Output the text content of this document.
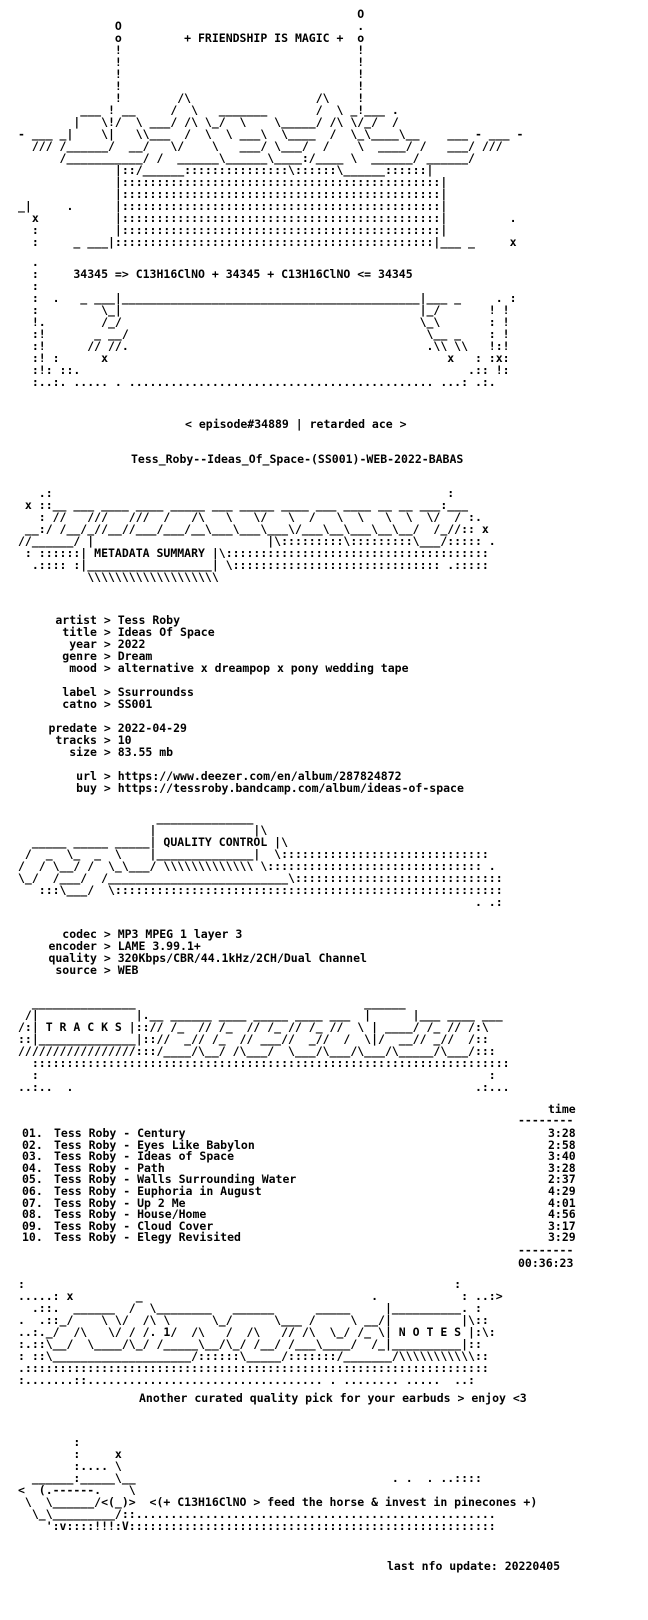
O
O                                  .
o         + FRIENDSHIP IS MAGIC +  o
!                                  !
!                                  !
!                                  !
!                                  !
!        /\                  /\    !
___ ! __     /  \   _______       /  \ _!___ .
|   \!/  \ ___/ /\ \_/  \    \_____/ /\ \/_/  /
- ___ _|    \|   \\___  /  \  \ ___\  \____  /  \_\____\__    ___ - ___ -
/// /______/  __/   \/    \   ___/ \___/  /    \  ____/ /   ___/ ///
/___________/ /  ______\______\____:/____ \  ______/ ______/
|::/______:::::::::::::::\::::::\______::::::|
|::::::::::::::::::::::::::::::::::::::::::::::|
|::::::::::::::::::::::::::::::::::::::::::::::|
_|     .      |::::::::::::::::::::::::::::::::::::::::::::::|
x           |::::::::::::::::::::::::::::::::::::::::::::::|         .
:           |::::::::::::::::::::::::::::::::::::::::::::::|
:     _ ___|::::::::::::::::::::::::::::::::::::::::::::::|___ _     x
.
:     34345 => C13H16ClNO + 34345 + C13H16ClNO <= 34345
:
:  .   _ ___|___________________________________________|___ _     . :
:         \_|                                           |_/       ! !
!.        /_/                                           \_\       : !
:!       _ __/                                           \__ _    : !
:!      // //.                                           .\\ \\   !:!
:! :      x                                                 x   : :x:
:!: ::.                                                        .:: !:
:..:. ..... . ............................................ ...: .:.
< episode#34889 | retarded ace >
Tess_Roby--Ideas_Of_Space-(SS001)-WEB-2022-BABAS
.:                                                         :
x ::__ ___ ____ ____ _____ ___ _____ ____ ___ ____ __ __ ___:___
: //   ///   ///  /   /\   \   \/   \  /   \  \   \  \  \/  / :.
__:/ /__/_//__//___/___/__\___\___\___\/___\__\___\__\__/  /_//:: x
//______/ |                         |\:::::::::\:::::::::\___/::::: .
: ::::::| METADATA SUMMARY |\::::::::::::::::::::::::::::::::::::::
.:::: :|__________________| \:::::::::::::::::::::::::::::: .:::::
\\\\\\\\\\\\\\\\\\\
artist > Tess Roby
title > Ideas Of Space
year > 2022
genre > Dream
mood > alternative x dreampop x pony wedding tape
label > Ssurroundss
catno > SS001
predate > 2022-04-29
tracks > 10
size > 83.55 mb
url > https://www.deezer.com/en/album/287824872
buy > https://tessroby.bandcamp.com/album/ideas-of-space
______________
|              |\
_____ _____ _____| QUALITY CONTROL |\
/  _  \_  _  \    |______________|  \::::::::::::::::::::::::::::::
/  / \__/ /  \_\___/ \\\\\\\\\\\\\ \::::::::::::::::::::::::::::::: .
\_/  /___/  /__________________________\::::::::::::::::::::::::::::::
:::\___/  \::::::::::::::::::::::::::::::::::::::::::::::::::::::::
. .:
codec > MP3 MPEG 1 layer 3
encoder > LAME 3.99.1+
quality > 320Kbps/CBR/44.1kHz/2CH/Dual Channel
source > WEB
_______________                                 ______
/|              |.__ ______ ____ _____ ____ ___  |      |___ ____ ___
/:| T R A C K S |::// /_  // /_  // /_ // /_ //  \ | ____/ /_ // /:\
::|______________|:://  _// /_  // ___//  _//  /  \|/  __// _//  /::
/////////////////:::/____/\__/ /\___/  \___/\___/\___/\_____/\___/:::
:::::::::::::::::::::::::::::::::::::::::::::::::::::::::::::::::::::
:                                                                 :
..:..  .                                                          .:...
time
--------
01. Tess Roby - Century	3:28
02. Tess Roby - Eyes Like Babylon	2:58
03. Tess Roby - Ideas of Space	3:40
04. Tess Roby - Path	3:28
05. Tess Roby - Walls Surrounding Water	2:37
06. Tess Roby - Euphoria in August	4:29
07. Tess Roby - Up 2 Me	4:01
08. Tess Roby - House/Home	4:56
09. Tess Roby - Cloud Cover	3:17
10. Tess Roby - Elegy Revisited	3:29
--------
00:36:23
:                                                              :
.....: x         _                                 .            : ..:>
.::.  ______  /  \________   ______      _____     |__________. :
.  .::_/    \ \/  /\ \      \_/      \___ /     \ __/|          |\::
..:._/  /\   \/ / /. 1/  /\   /  /\   // /\  \_/ /_ \| N O T E S |:\:
:.::\__/  \____/\_/ /_____\__/\_/ /__/ /___\____/  /_|__________|::
: ::\____________________/::::::\_____/:::::::/_______/\\\\\\\\\\\::
.:::::::::::::::::::::::::::::::::::::::::::::::::::::::::::::::::::
:.......::.................................. . ........ .....  ..:
Another curated quality pick for your earbuds > enjoy <3
:
:     x
:.... \
______:_____\__                                     . .  . ..::::
<  (.------.    \
\  \______/<(_)>  <(+ C13H16ClNO > feed the horse & invest in pinecones +)
\_\_________/::....................................................
':v::::!!!:V:::::::::::::::::::::::::::::::::::::::::::::::::::::
last nfo update: 20220405
